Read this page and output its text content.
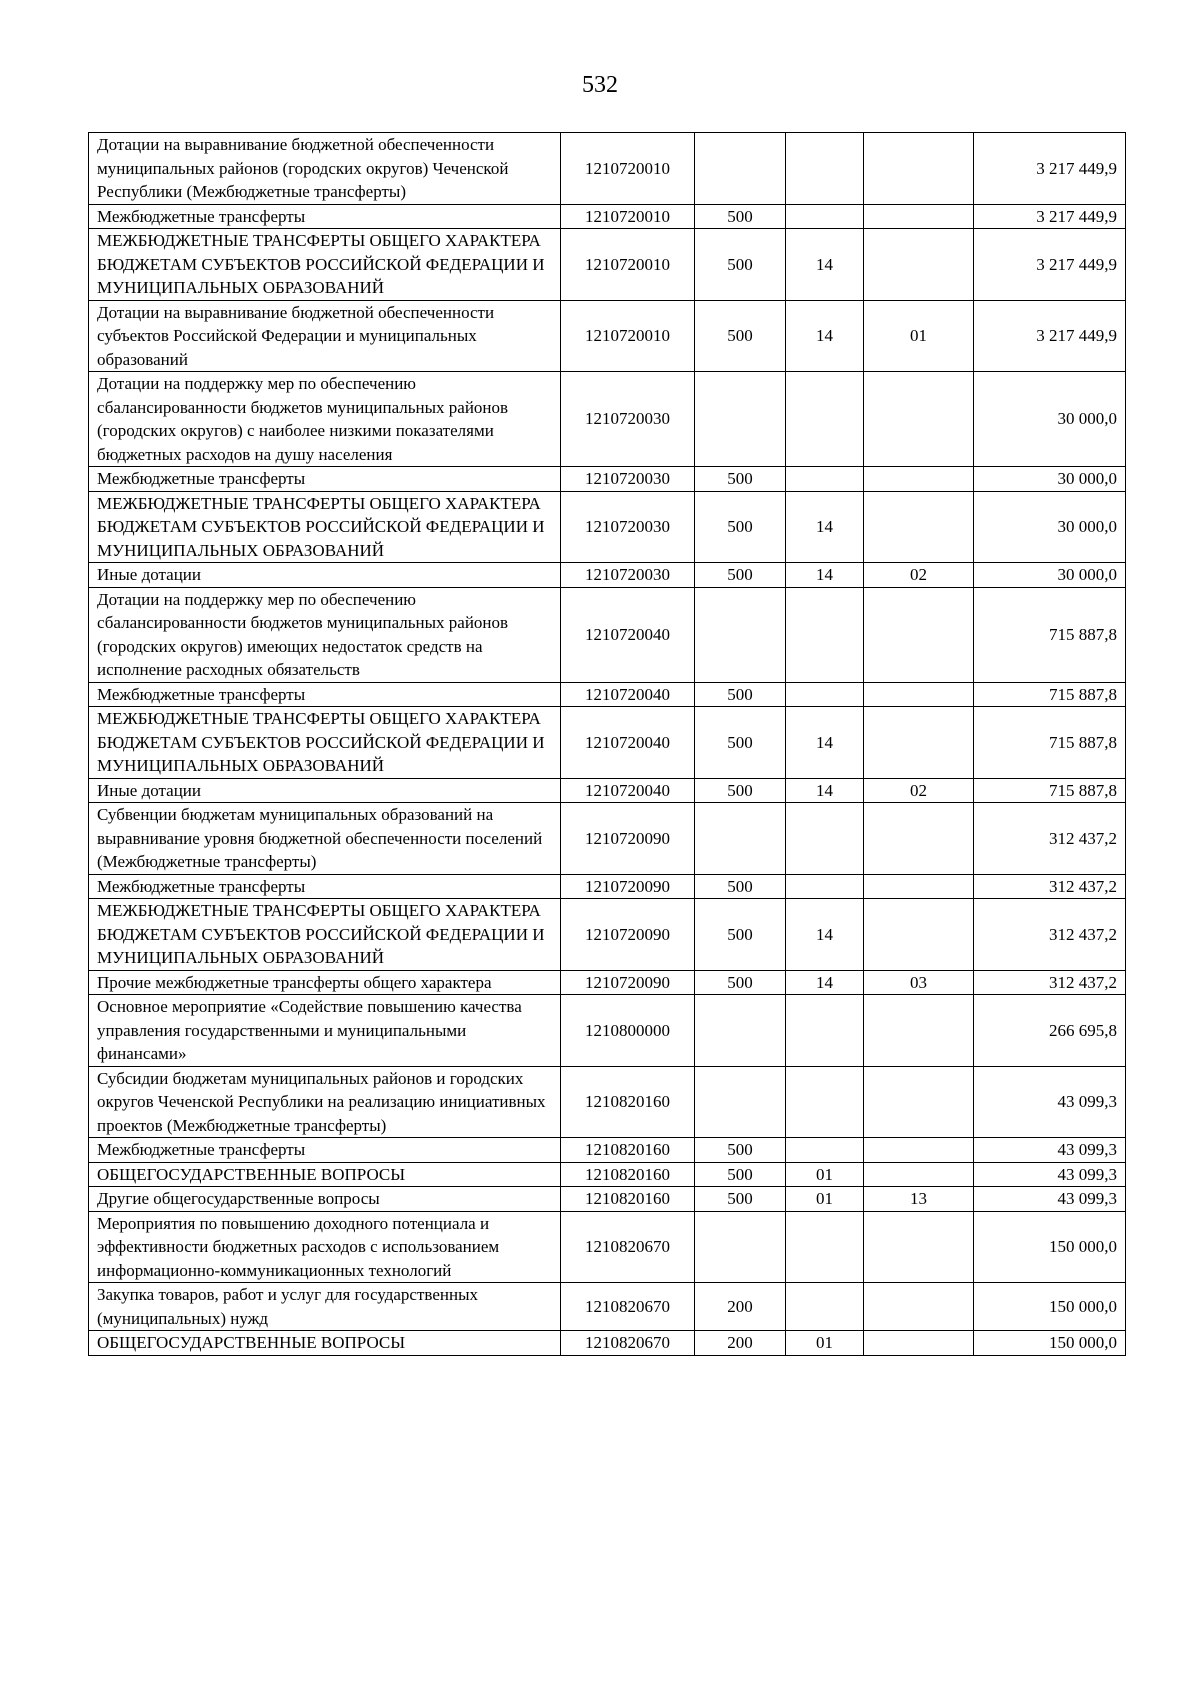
532
Дотации на выравнивание бюджетной обеспеченности муниципальных районов (городских округов) Чеченской Республики (Межбюджетные трансферты)	1210720010				3 217 449,9
Межбюджетные трансферты	1210720010	500			3 217 449,9
МЕЖБЮДЖЕТНЫЕ ТРАНСФЕРТЫ ОБЩЕГО ХАРАКТЕРА БЮДЖЕТАМ СУБЪЕКТОВ РОССИЙСКОЙ ФЕДЕРАЦИИ И МУНИЦИПАЛЬНЫХ ОБРАЗОВАНИЙ	1210720010	500	14		3 217 449,9
Дотации на выравнивание бюджетной обеспеченности субъектов Российской Федерации и муниципальных образований	1210720010	500	14	01	3 217 449,9
Дотации на поддержку мер по обеспечению сбалансированности бюджетов муниципальных районов (городских округов) с наиболее низкими показателями бюджетных расходов на душу населения	1210720030				30 000,0
Межбюджетные трансферты	1210720030	500			30 000,0
МЕЖБЮДЖЕТНЫЕ ТРАНСФЕРТЫ ОБЩЕГО ХАРАКТЕРА БЮДЖЕТАМ СУБЪЕКТОВ РОССИЙСКОЙ ФЕДЕРАЦИИ И МУНИЦИПАЛЬНЫХ ОБРАЗОВАНИЙ	1210720030	500	14		30 000,0
Иные дотации	1210720030	500	14	02	30 000,0
Дотации на поддержку мер по обеспечению сбалансированности бюджетов муниципальных районов (городских округов) имеющих недостаток средств на исполнение расходных обязательств	1210720040				715 887,8
Межбюджетные трансферты	1210720040	500			715 887,8
МЕЖБЮДЖЕТНЫЕ ТРАНСФЕРТЫ ОБЩЕГО ХАРАКТЕРА БЮДЖЕТАМ СУБЪЕКТОВ РОССИЙСКОЙ ФЕДЕРАЦИИ И МУНИЦИПАЛЬНЫХ ОБРАЗОВАНИЙ	1210720040	500	14		715 887,8
Иные дотации	1210720040	500	14	02	715 887,8
Субвенции бюджетам муниципальных образований на выравнивание уровня бюджетной обеспеченности поселений (Межбюджетные трансферты)	1210720090				312 437,2
Межбюджетные трансферты	1210720090	500			312 437,2
МЕЖБЮДЖЕТНЫЕ ТРАНСФЕРТЫ ОБЩЕГО ХАРАКТЕРА БЮДЖЕТАМ СУБЪЕКТОВ РОССИЙСКОЙ ФЕДЕРАЦИИ И МУНИЦИПАЛЬНЫХ ОБРАЗОВАНИЙ	1210720090	500	14		312 437,2
Прочие межбюджетные трансферты общего характера	1210720090	500	14	03	312 437,2
Основное мероприятие «Содействие повышению качества управления государственными и муниципальными финансами»	1210800000				266 695,8
Субсидии бюджетам муниципальных районов и городских округов Чеченской Республики на реализацию инициативных проектов (Межбюджетные трансферты)	1210820160				43 099,3
Межбюджетные трансферты	1210820160	500			43 099,3
ОБЩЕГОСУДАРСТВЕННЫЕ ВОПРОСЫ	1210820160	500	01		43 099,3
Другие общегосударственные вопросы	1210820160	500	01	13	43 099,3
Мероприятия по повышению доходного потенциала и эффективности бюджетных расходов с использованием информационно-коммуникационных технологий	1210820670				150 000,0
Закупка товаров, работ и услуг для государственных (муниципальных) нужд	1210820670	200			150 000,0
ОБЩЕГОСУДАРСТВЕННЫЕ ВОПРОСЫ	1210820670	200	01		150 000,0
